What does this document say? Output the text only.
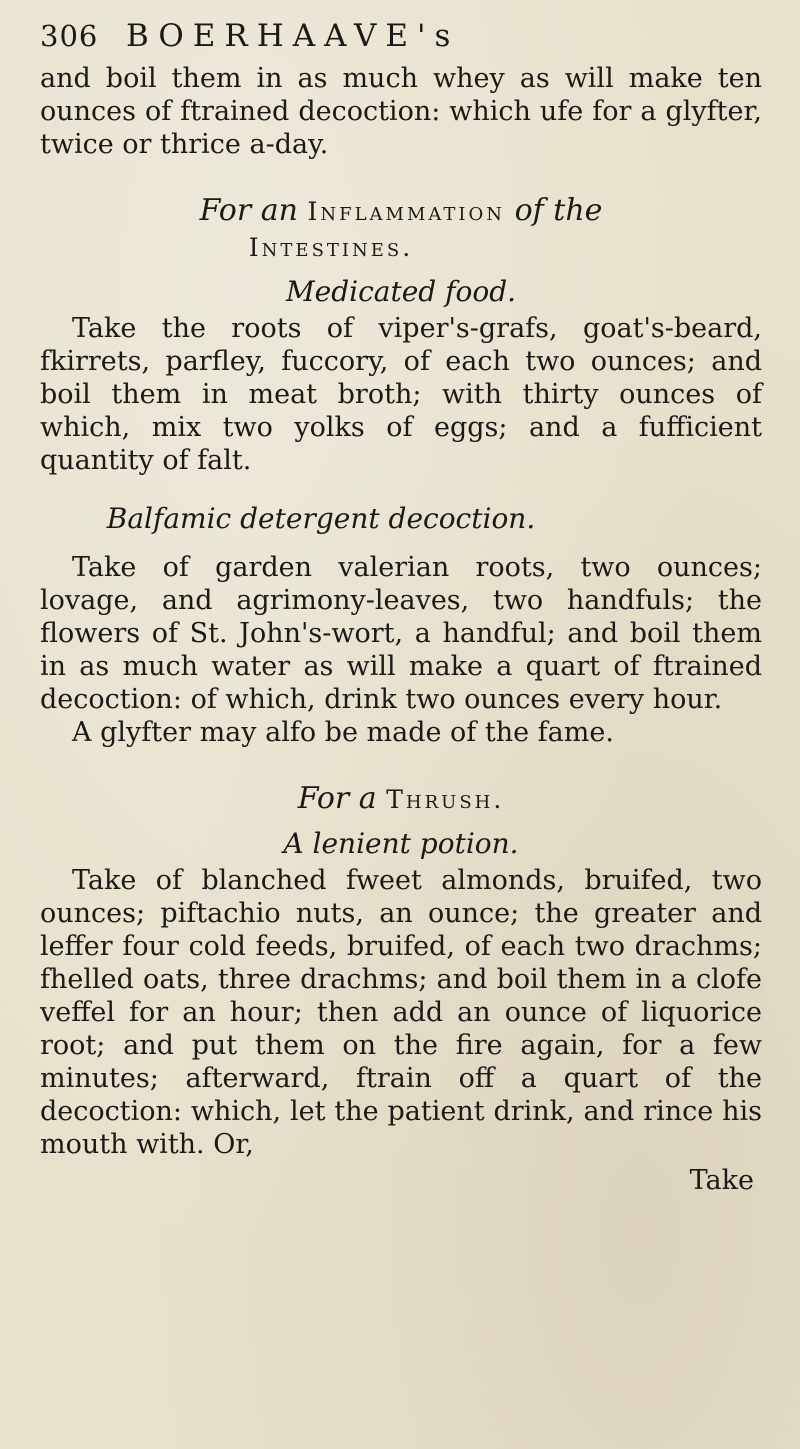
306 BOERHAAVE's

and boil them in as much whey as will make ten ounces of ftrained decoction: which ufe for a glyfter, twice or thrice a-day.

For an Inflammation of the
Intestines.
Medicated food.

Take the roots of viper's-grafs, goat's-beard, fkirrets, parfley, fuccory, of each two ounces; and boil them in meat broth; with thirty ounces of which, mix two yolks of eggs; and a fufficient quantity of falt.

Balfamic detergent decoction.

Take of garden valerian roots, two ounces; lovage, and agrimony-leaves, two handfuls; the flowers of St. John's-wort, a handful; and boil them in as much water as will make a quart of ftrained decoction: of which, drink two ounces every hour.

A glyfter may alfo be made of the fame.

For a Thrush.
A lenient potion.

Take of blanched fweet almonds, bruifed, two ounces; piftachio nuts, an ounce; the greater and leffer four cold feeds, bruifed, of each two drachms; fhelled oats, three drachms; and boil them in a clofe veffel for an hour; then add an ounce of liquorice root; and put them on the fire again, for a few minutes; afterward, ftrain off a quart of the decoction: which, let the patient drink, and rince his mouth with. Or,

Take
